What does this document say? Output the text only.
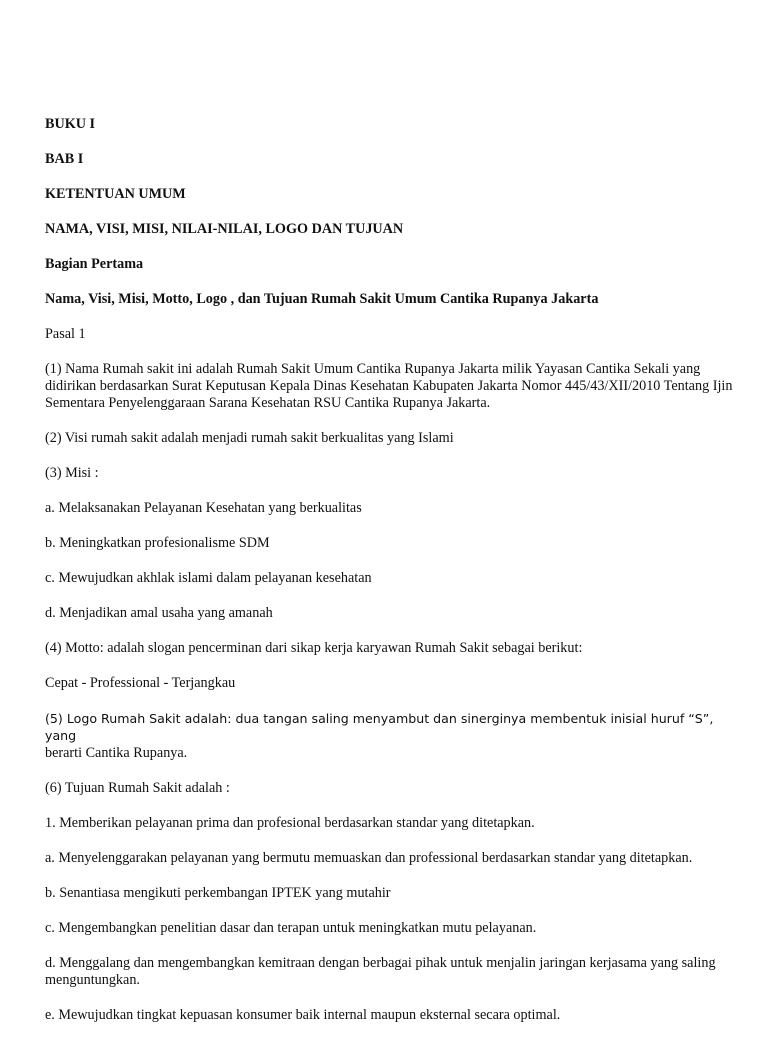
BUKU I

BAB I

KETENTUAN UMUM

NAMA, VISI, MISI, NILAI-NILAI, LOGO DAN TUJUAN

Bagian Pertama

Nama, Visi, Misi, Motto, Logo , dan Tujuan Rumah Sakit Umum Cantika Rupanya Jakarta

Pasal 1

(1) Nama Rumah sakit ini adalah Rumah Sakit Umum Cantika Rupanya Jakarta milik Yayasan Cantika Sekali yang didirikan berdasarkan Surat Keputusan Kepala Dinas Kesehatan Kabupaten Jakarta Nomor 445/43/XII/2010 Tentang Ijin Sementara Penyelenggaraan Sarana Kesehatan RSU Cantika Rupanya Jakarta.

(2) Visi rumah sakit adalah menjadi rumah sakit berkualitas yang Islami

(3) Misi :

a. Melaksanakan Pelayanan Kesehatan yang berkualitas

b. Meningkatkan profesionalisme SDM

c. Mewujudkan akhlak islami dalam pelayanan kesehatan

d. Menjadikan amal usaha yang amanah

(4) Motto: adalah slogan pencerminan dari sikap kerja karyawan Rumah Sakit sebagai berikut:

Cepat - Professional - Terjangkau

(5) Logo Rumah Sakit adalah: dua tangan saling menyambut dan sinerginya membentuk inisial huruf “S”, yang
berarti Cantika Rupanya.

(6) Tujuan Rumah Sakit adalah :

1. Memberikan pelayanan prima dan profesional berdasarkan standar yang ditetapkan.

a. Menyelenggarakan pelayanan yang bermutu memuaskan dan professional berdasarkan standar yang ditetapkan.

b. Senantiasa mengikuti perkembangan IPTEK yang mutahir

c. Mengembangkan penelitian dasar dan terapan untuk meningkatkan mutu pelayanan.

d. Menggalang dan mengembangkan kemitraan dengan berbagai pihak untuk menjalin jaringan kerjasama yang saling menguntungkan.

e. Mewujudkan tingkat kepuasan konsumer baik internal maupun eksternal secara optimal.
